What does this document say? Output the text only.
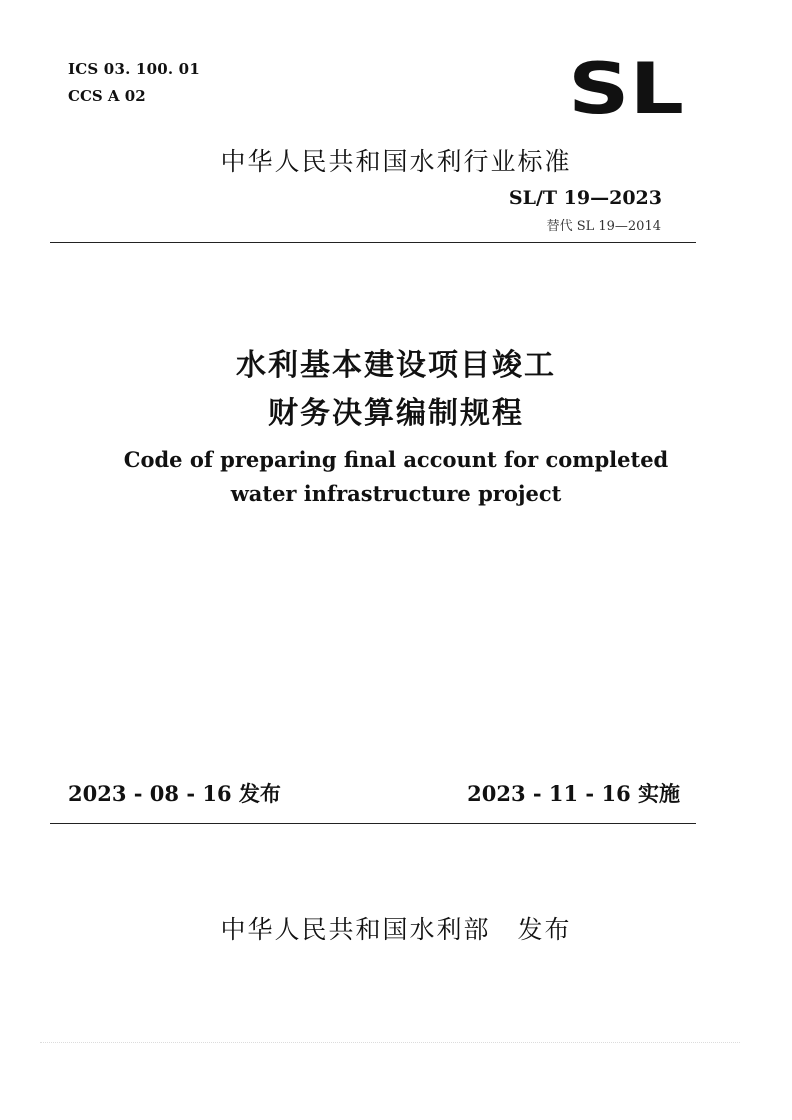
ICS 03. 100. 01
CCS A 02	SL
中华人民共和国水利行业标准
SL/T 19—2023
替代 SL 19—2014
水利基本建设项目竣工
财务决算编制规程
Code of preparing final account for completed
water infrastructure project
2023 - 08 - 16 发布	2023 - 11 - 16 实施
中华人民共和国水利部　发布
